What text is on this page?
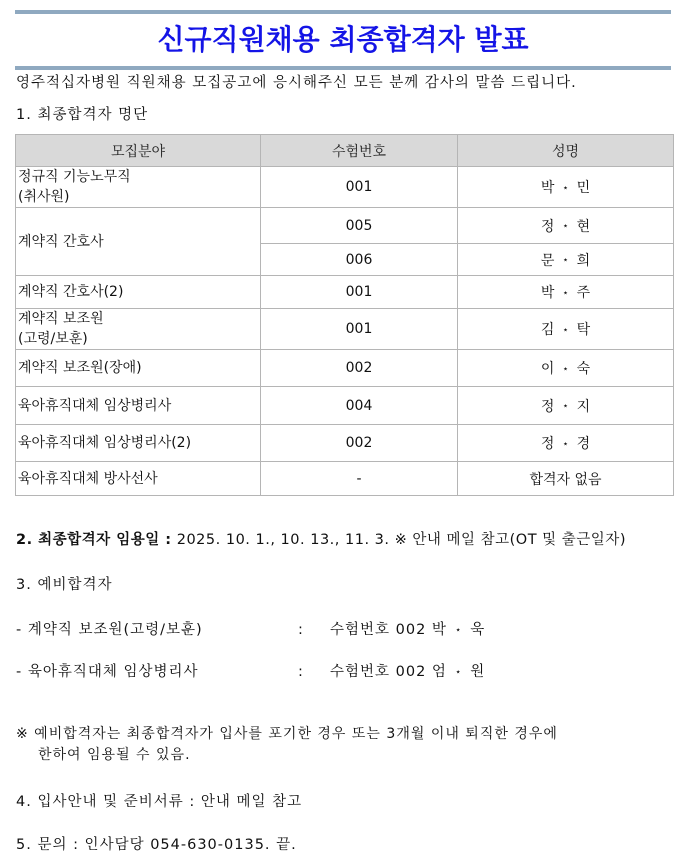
신규직원채용 최종합격자 발표
영주적십자병원 직원채용 모집공고에 응시해주신 모든 분께 감사의 말씀 드립니다.
1. 최종합격자 명단
모집분야	수험번호	성명
정규직 기능노무직
(취사원)	001	박 ⋆ 민
계약직 간호사	005	정 ⋆ 현
	006	문 ⋆ 희
계약직 간호사(2)	001	박 ⋆ 주
계약직 보조원
(고령/보훈)	001	김 ⋆ 탁
계약직 보조원(장애)	002	이 ⋆ 숙
육아휴직대체 임상병리사	004	정 ⋆ 지
육아휴직대체 임상병리사(2)	002	정 ⋆ 경
육아휴직대체 방사선사	-	합격자 없음
2. 최종합격자 임용일 : 2025. 10. 1., 10. 13., 11. 3. ※ 안내 메일 참고(OT 및 출근일자)
3. 예비합격자
- 계약직 보조원(고령/보훈)	: 수험번호 002 박 ⋆ 욱
- 육아휴직대체 임상병리사	: 수험번호 002 엄 ⋆ 원
※ 예비합격자는 최종합격자가 입사를 포기한 경우 또는 3개월 이내 퇴직한 경우에
한하여 임용될 수 있음.
4. 입사안내 및 준비서류 : 안내 메일 참고
5. 문의 : 인사담당 054-630-0135. 끝.
